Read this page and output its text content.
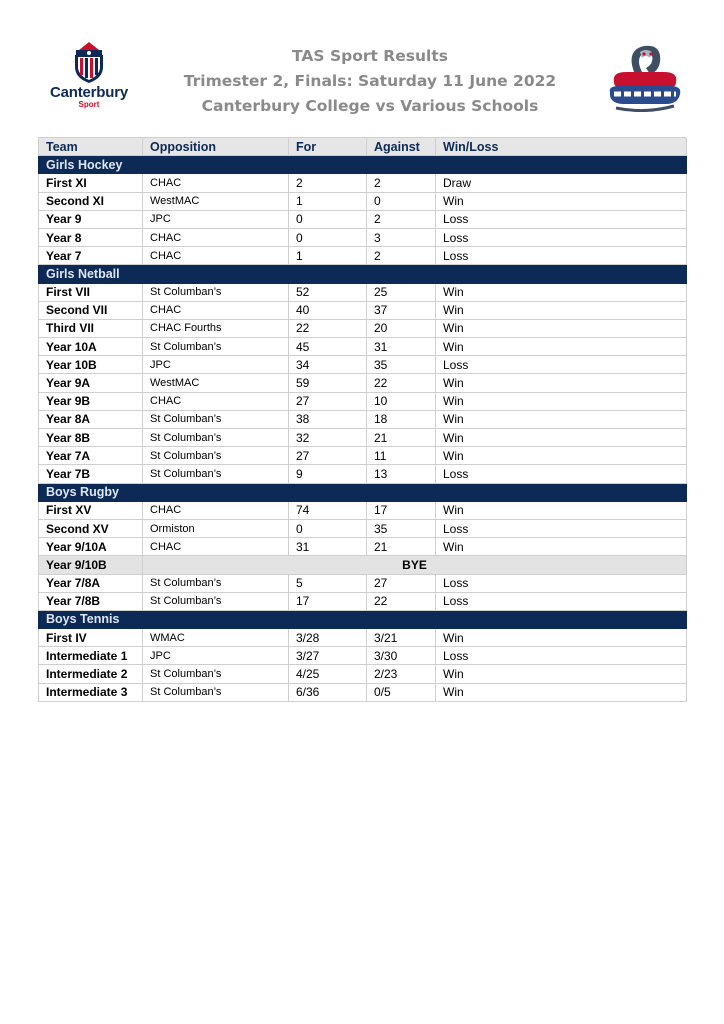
Canterbury
Sport
TAS Sport Results
Trimester 2, Finals: Saturday 11 June 2022
Canterbury College vs Various Schools
Team	Opposition	For	Against	Win/Loss
Girls Hockey				
First XI	CHAC	2	2	Draw
Second XI	WestMAC	1	0	Win
Year 9	JPC	0	2	Loss
Year 8	CHAC	0	3	Loss
Year 7	CHAC	1	2	Loss
Girls Netball				
First VII	St Columban’s	52	25	Win
Second VII	CHAC	40	37	Win
Third VII	CHAC Fourths	22	20	Win
Year 10A	St Columban’s	45	31	Win
Year 10B	JPC	34	35	Loss
Year 9A	WestMAC	59	22	Win
Year 9B	CHAC	27	10	Win
Year 8A	St Columban’s	38	18	Win
Year 8B	St Columban’s	32	21	Win
Year 7A	St Columban’s	27	11	Win
Year 7B	St Columban’s	9	13	Loss
Boys Rugby				
First XV	CHAC	74	17	Win
Second XV	Ormiston	0	35	Loss
Year 9/10A	CHAC	31	21	Win
Year 9/10B	BYE			
Year 7/8A	St Columban’s	5	27	Loss
Year 7/8B	St Columban’s	17	22	Loss
Boys Tennis				
First IV	WMAC	3/28	3/21	Win
Intermediate 1	JPC	3/27	3/30	Loss
Intermediate 2	St Columban’s	4/25	2/23	Win
Intermediate 3	St Columban’s	6/36	0/5	Win
